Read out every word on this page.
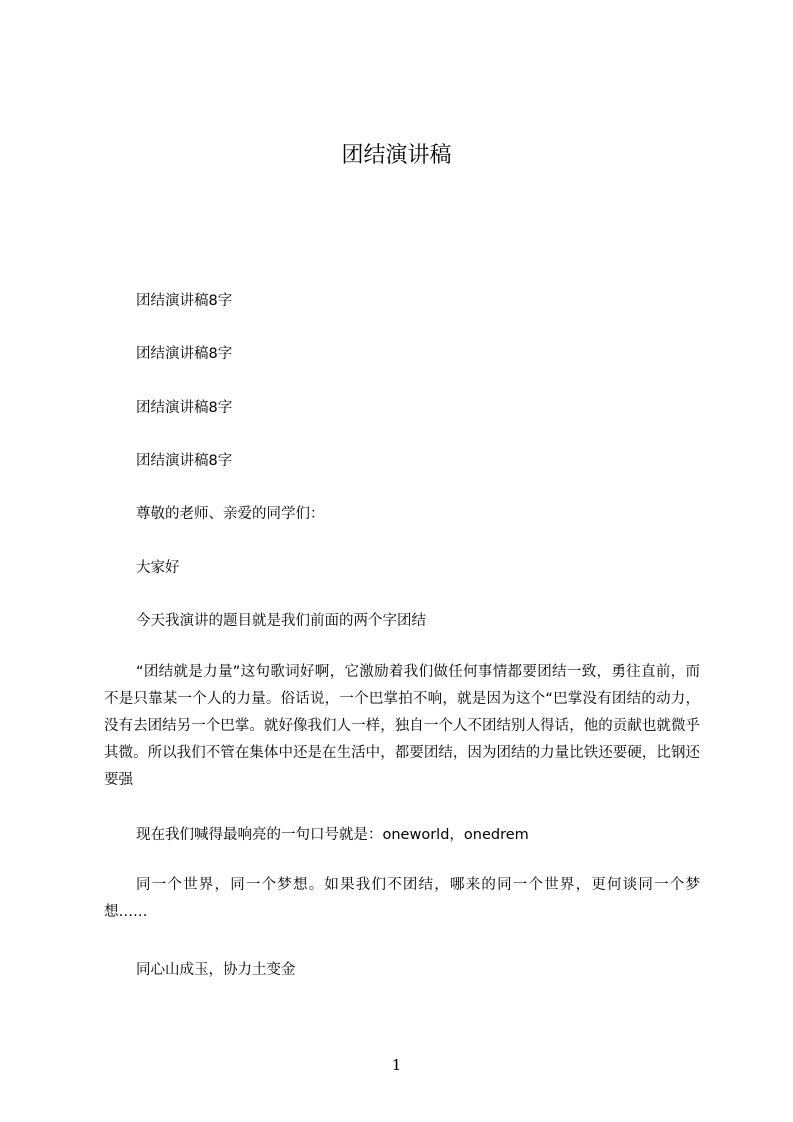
团结演讲稿
团结演讲稿8字
团结演讲稿8字
团结演讲稿8字
团结演讲稿8字
尊敬的老师、亲爱的同学们：
大家好
今天我演讲的题目就是我们前面的两个字团结
“团结就是力量”这句歌词好啊，它激励着我们做任何事情都要团结一致，勇往直前，而不是只靠某一个人的力量。俗话说，一个巴掌拍不响，就是因为这个“巴掌没有团结的动力，没有去团结另一个巴掌。就好像我们人一样，独自一个人不团结别人得话，他的贡献也就微乎其微。所以我们不管在集体中还是在生活中，都要团结，因为团结的力量比铁还要硬，比钢还要强
现在我们喊得最响亮的一句口号就是：oneworld，onedrem
同一个世界，同一个梦想。如果我们不团结，哪来的同一个世界，更何谈同一个梦想……
同心山成玉，协力土变金
1
